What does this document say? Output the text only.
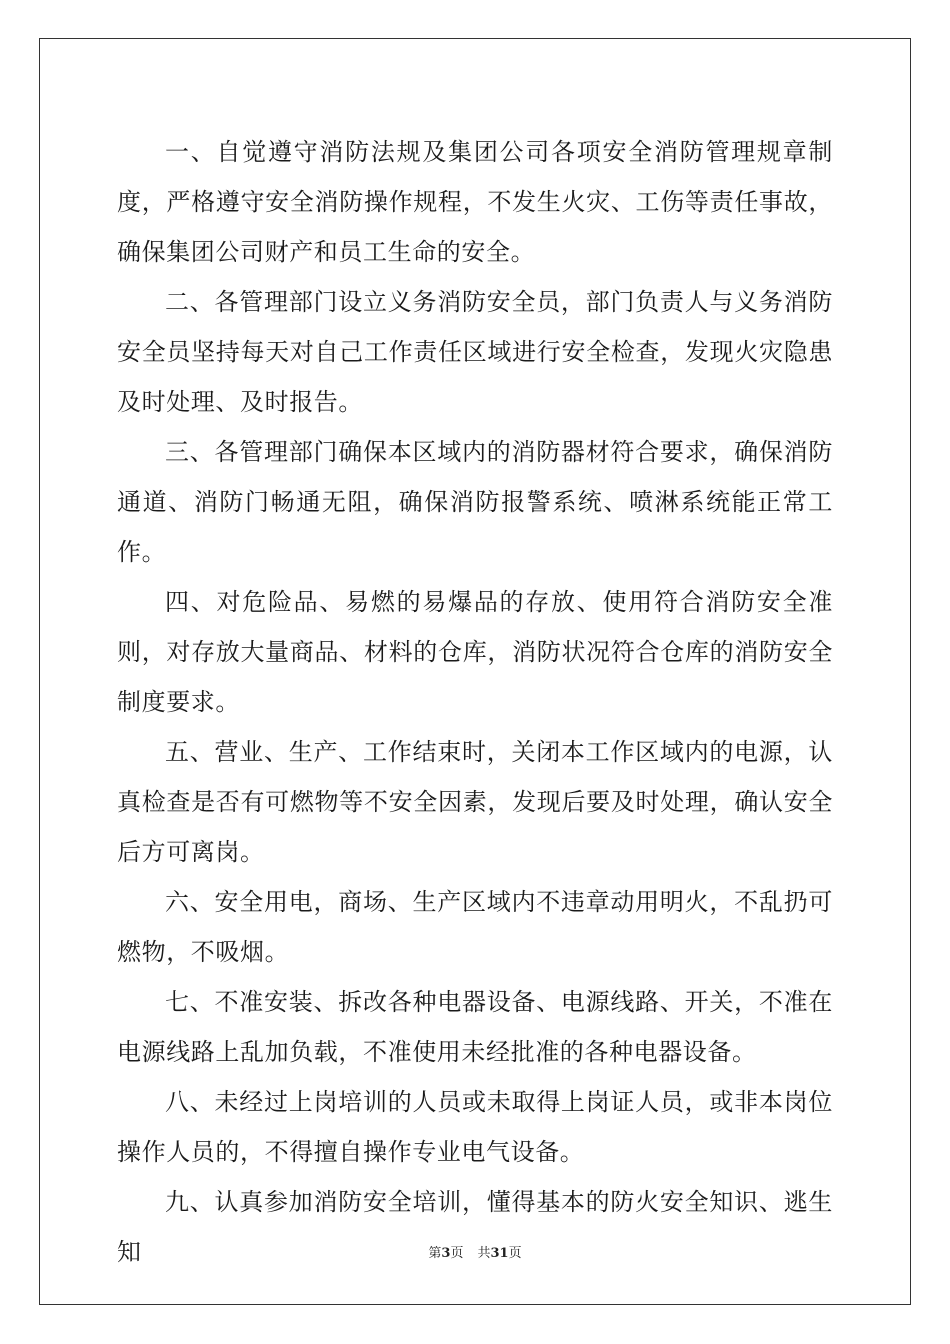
一、自觉遵守消防法规及集团公司各项安全消防管理规章制度，严格遵守安全消防操作规程，不发生火灾、工伤等责任事故，确保集团公司财产和员工生命的安全。

二、各管理部门设立义务消防安全员，部门负责人与义务消防安全员坚持每天对自己工作责任区域进行安全检查，发现火灾隐患及时处理、及时报告。

三、各管理部门确保本区域内的消防器材符合要求，确保消防通道、消防门畅通无阻，确保消防报警系统、喷淋系统能正常工作。

四、对危险品、易燃的易爆品的存放、使用符合消防安全准则，对存放大量商品、材料的仓库，消防状况符合仓库的消防安全制度要求。

五、营业、生产、工作结束时，关闭本工作区域内的电源，认真检查是否有可燃物等不安全因素，发现后要及时处理，确认安全后方可离岗。

六、安全用电，商场、生产区域内不违章动用明火，不乱扔可燃物，不吸烟。

七、不准安装、拆改各种电器设备、电源线路、开关，不准在电源线路上乱加负载，不准使用未经批准的各种电器设备。

八、未经过上岗培训的人员或未取得上岗证人员，或非本岗位操作人员的，不得擅自操作专业电气设备。

九、认真参加消防安全培训，懂得基本的防火安全知识、逃生知	第3页 共31页
